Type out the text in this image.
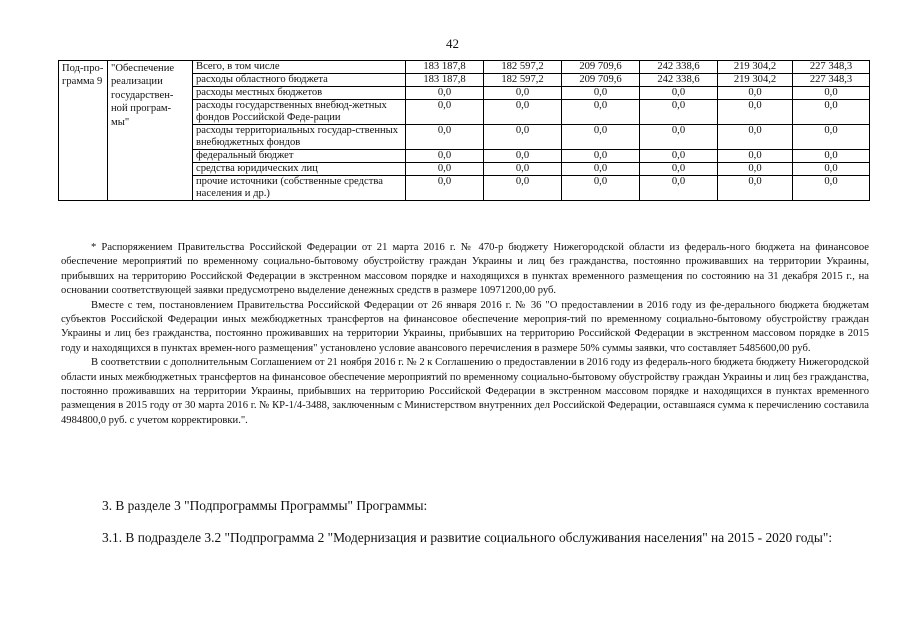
42
Под-про-грамма 9	"Обеспечение реализации государствен-ной програм-мы"	Всего, в том числе	183 187,8	182 597,2	209 709,6	242 338,6	219 304,2	227 348,3
		расходы областного бюджета	183 187,8	182 597,2	209 709,6	242 338,6	219 304,2	227 348,3
		расходы местных бюджетов	0,0	0,0	0,0	0,0	0,0	0,0
		расходы государственных внебюд-жетных фондов Российской Феде-рации	0,0	0,0	0,0	0,0	0,0	0,0
		расходы территориальных государ-ственных внебюджетных фондов	0,0	0,0	0,0	0,0	0,0	0,0
		федеральный бюджет	0,0	0,0	0,0	0,0	0,0	0,0
		средства юридических лиц	0,0	0,0	0,0	0,0	0,0	0,0
		прочие источники (собственные средства населения и др.)	0,0	0,0	0,0	0,0	0,0	0,0

* Распоряжением Правительства Российской Федерации от 21 марта 2016 г. № 470-р бюджету Нижегородской области из федераль-ного бюджета на финансовое обеспечение мероприятий по временному социально-бытовому обустройству граждан Украины и лиц без гражданства, постоянно проживавших на территории Украины, прибывших на территорию Российской Федерации в экстренном массовом порядке и находящихся в пунктах временного размещения по состоянию на 31 декабря 2015 г., на основании соответствующей заявки предусмотрено выделение денежных средств в размере 10971200,00 руб.

Вместе с тем, постановлением Правительства Российской Федерации от 26 января 2016 г. № 36 "О предоставлении в 2016 году из фе-деральнoго бюджета бюджетам субъектов Российской Федерации иных межбюджетных трансфертов на финансовое обеспечение мероприя-тий по временному социально-бытовому обустройству граждан Украины и лиц без гражданства, постоянно проживавших на территории Украины, прибывших на территорию Российской Федерации в экстренном массовом порядке в 2015 году и находящихся в пунктах времен-ного размещения" установлено условие авансового перечисления в размере 50% суммы заявки, что составляет 5485600,00 руб.

В соответствии с дополнительным Соглашением от 21 ноября 2016 г. № 2 к Соглашению о предоставлении в 2016 году из федераль-ного бюджета бюджету Нижегородской области иных межбюджетных трансфертов на финансовое обеспечение мероприятий по временному социально-бытовому обустройству граждан Украины и лиц без гражданства, постоянно проживавших на территории Украины, прибывших на территорию Российской Федерации в экстренном массовом порядке и находящихся в пунктах временного размещения в 2015 году от 30 марта 2016 г. № КР-1/4-3488, заключенным с Министерством внутренних дел Российской Федерации, оставшаяся сумма к перечислению составила 4984800,0 руб. с учетом корректировки.".

3. В разделе 3 "Подпрограммы Программы" Программы:
3.1. В подразделе 3.2 "Подпрограмма 2 "Модернизация и развитие социального обслуживания населения" на 2015 - 2020 годы":
